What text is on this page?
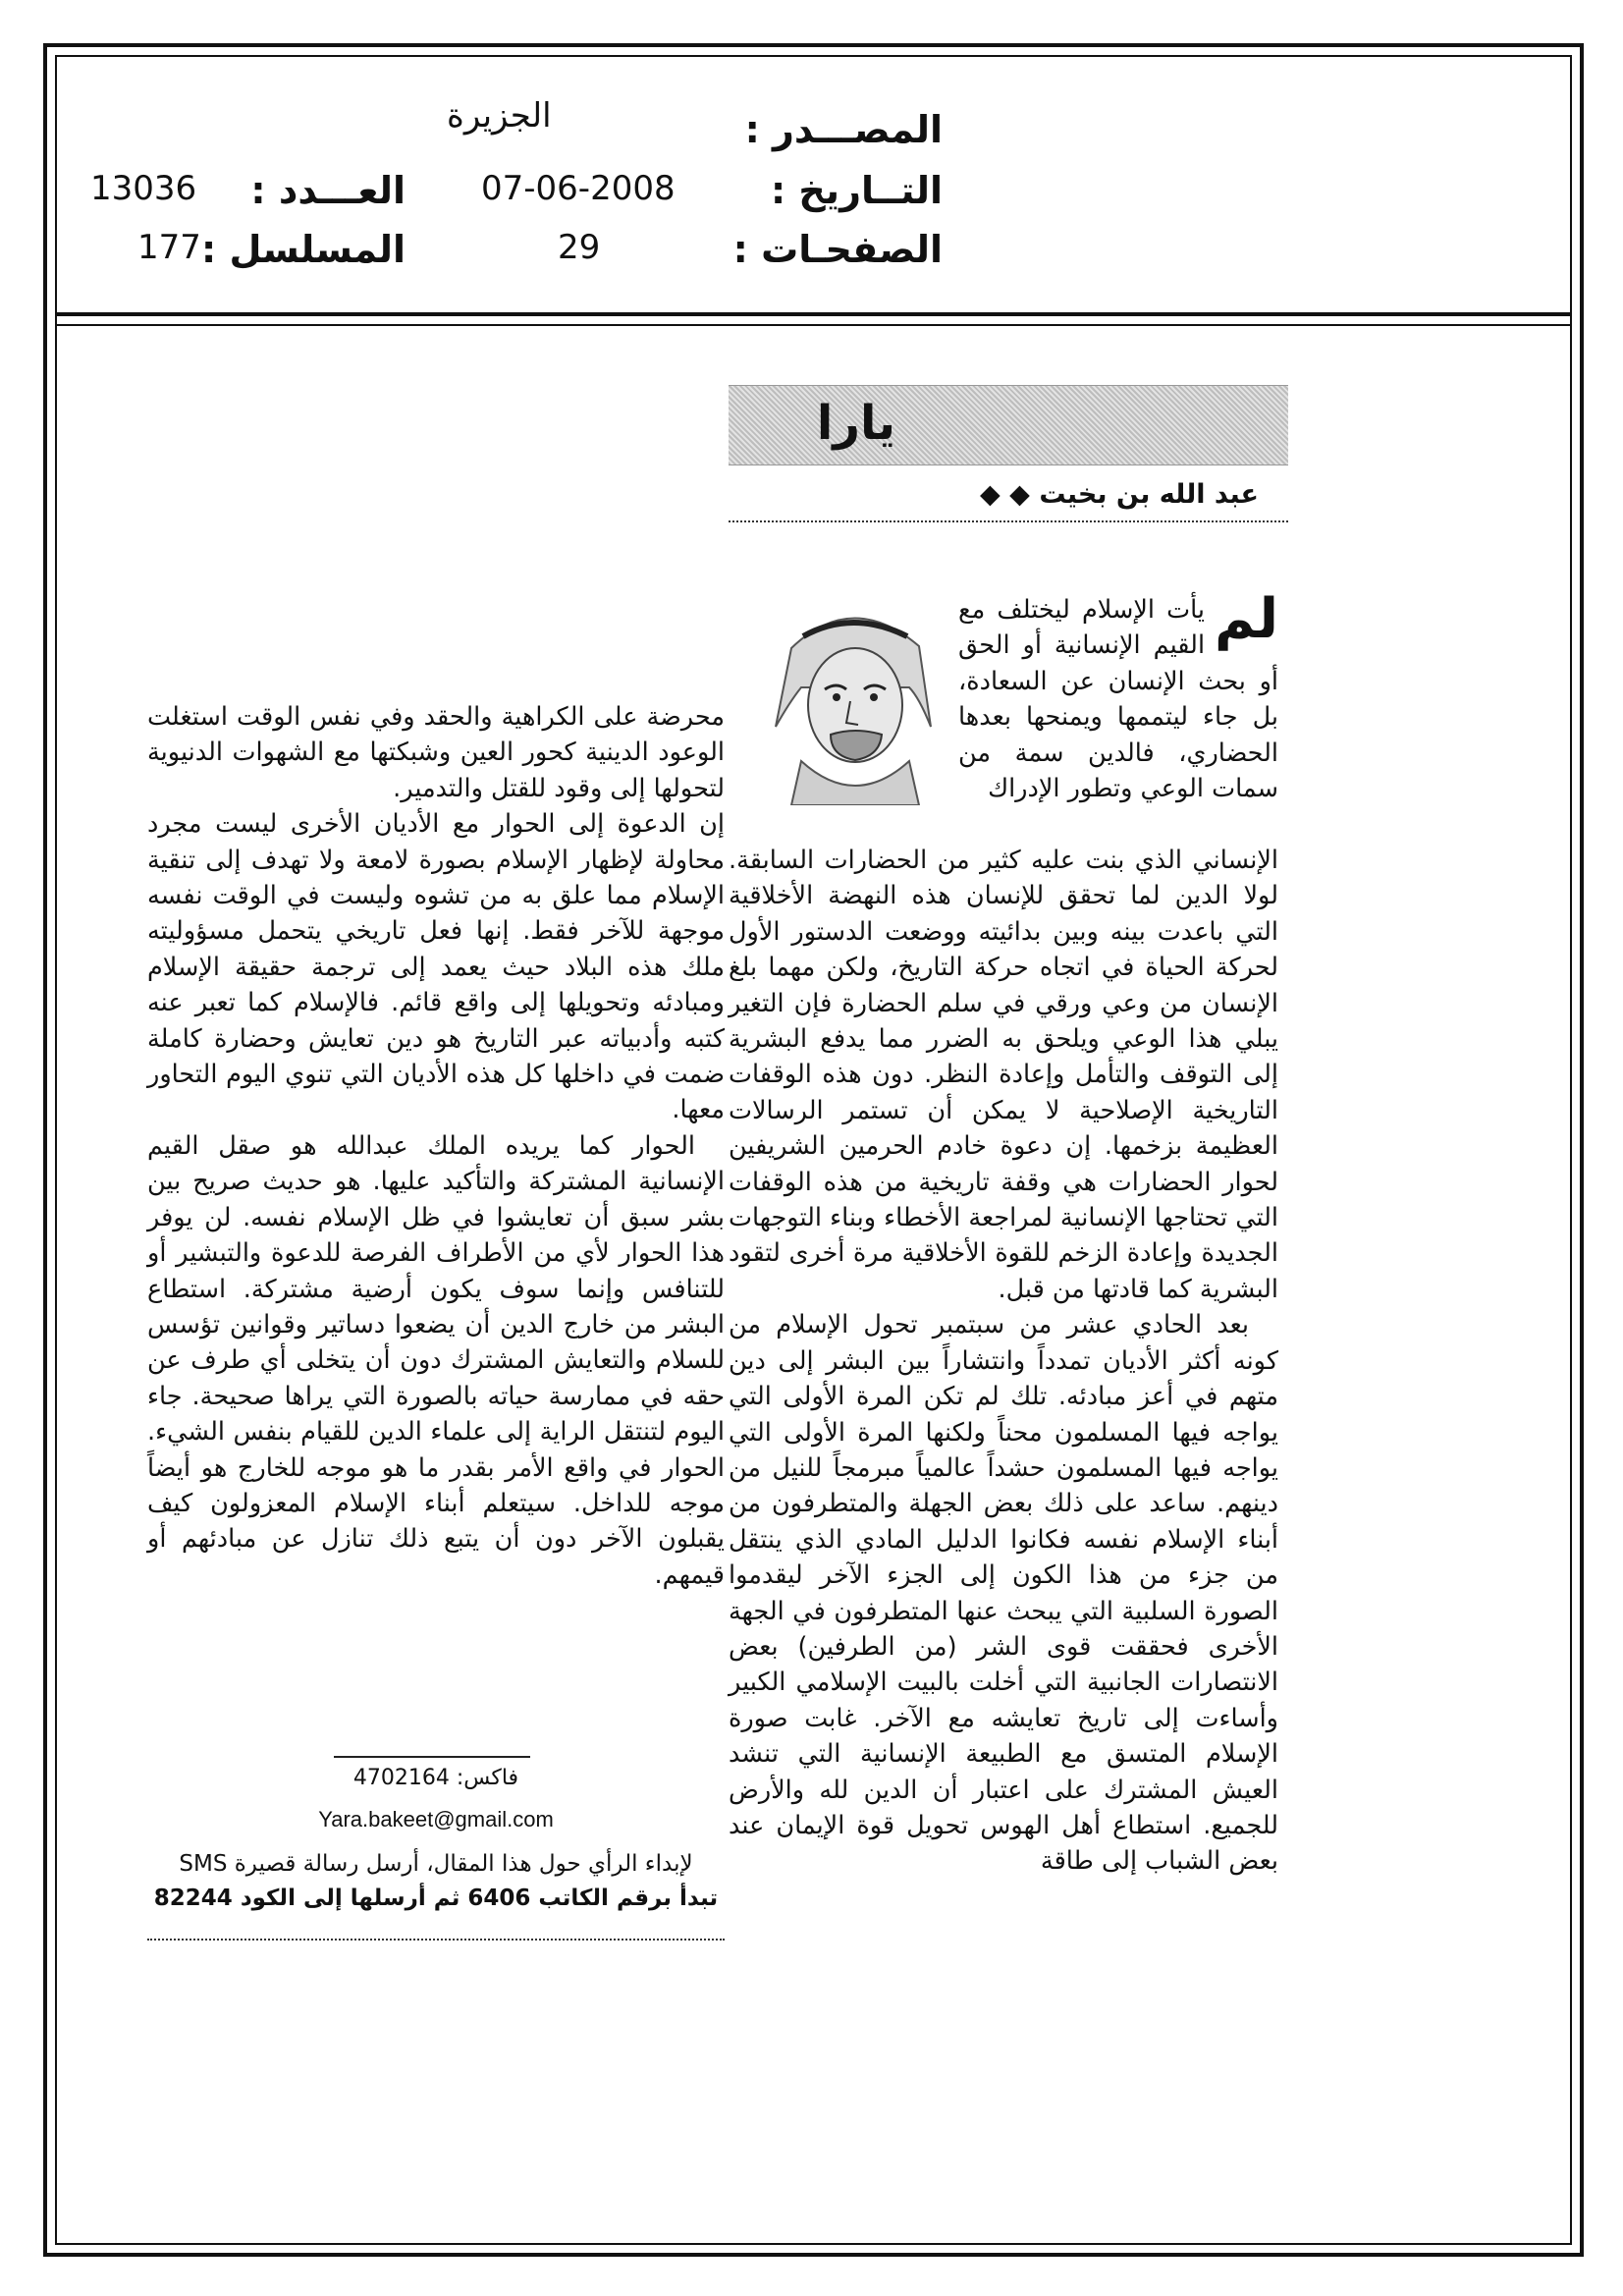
المصـــدر :
الجزيرة
التــاريخ :
07-06-2008
العـــدد :
13036
الصفحـات :
29
المسلسل :
177
يارا
عبد الله بن بخيت ◆ ◆
لم
يأت الإسلام ليختلف مع القيم الإنسانية أو الحق أو بحث الإنسان عن السعادة، بل جاء ليتممها ويمنحها بعدها الحضاري، فالدين سمة من سمات الوعي وتطور الإدراك

الإنساني الذي بنت عليه كثير من الحضارات السابقة. لولا الدين لما تحقق للإنسان هذه النهضة الأخلاقية التي باعدت بينه وبين بدائيته ووضعت الدستور الأول لحركة الحياة في اتجاه حركة التاريخ، ولكن مهما بلغ الإنسان من وعي ورقي في سلم الحضارة فإن التغير يبلي هذا الوعي ويلحق به الضرر مما يدفع البشرية إلى التوقف والتأمل وإعادة النظر. دون هذه الوقفات التاريخية الإصلاحية لا يمكن أن تستمر الرسالات العظيمة بزخمها. إن دعوة خادم الحرمين الشريفين لحوار الحضارات هي وقفة تاريخية من هذه الوقفات التي تحتاجها الإنسانية لمراجعة الأخطاء وبناء التوجهات الجديدة وإعادة الزخم للقوة الأخلاقية مرة أخرى لتقود البشرية كما قادتها من قبل.

بعد الحادي عشر من سبتمبر تحول الإسلام من كونه أكثر الأديان تمدداً وانتشاراً بين البشر إلى دين متهم في أعز مبادئه. تلك لم تكن المرة الأولى التي يواجه فيها المسلمون محناً ولكنها المرة الأولى التي يواجه فيها المسلمون حشداً عالمياً مبرمجاً للنيل من دينهم. ساعد على ذلك بعض الجهلة والمتطرفون من أبناء الإسلام نفسه فكانوا الدليل المادي الذي ينتقل من جزء من هذا الكون إلى الجزء الآخر ليقدموا الصورة السلبية التي يبحث عنها المتطرفون في الجهة الأخرى فحققت قوى الشر (من الطرفين) بعض الانتصارات الجانبية التي أخلت بالبيت الإسلامي الكبير وأساءت إلى تاريخ تعايشه مع الآخر. غابت صورة الإسلام المتسق مع الطبيعة الإنسانية التي تنشد العيش المشترك على اعتبار أن الدين لله والأرض للجميع. استطاع أهل الهوس تحويل قوة الإيمان عند بعض الشباب إلى طاقة

محرضة على الكراهية والحقد وفي نفس الوقت استغلت الوعود الدينية كحور العين وشبكتها مع الشهوات الدنيوية لتحولها إلى وقود للقتل والتدمير.

إن الدعوة إلى الحوار مع الأديان الأخرى ليست مجرد محاولة لإظهار الإسلام بصورة لامعة ولا تهدف إلى تنقية الإسلام مما علق به من تشوه وليست في الوقت نفسه موجهة للآخر فقط. إنها فعل تاريخي يتحمل مسؤوليته ملك هذه البلاد حيث يعمد إلى ترجمة حقيقة الإسلام ومبادئه وتحويلها إلى واقع قائم. فالإسلام كما تعبر عنه كتبه وأدبياته عبر التاريخ هو دين تعايش وحضارة كاملة ضمت في داخلها كل هذه الأديان التي تنوي اليوم التحاور معها.

الحوار كما يريده الملك عبدالله هو صقل القيم الإنسانية المشتركة والتأكيد عليها. هو حديث صريح بين بشر سبق أن تعايشوا في ظل الإسلام نفسه. لن يوفر هذا الحوار لأي من الأطراف الفرصة للدعوة والتبشير أو للتنافس وإنما سوف يكون أرضية مشتركة. استطاع البشر من خارج الدين أن يضعوا دساتير وقوانين تؤسس للسلام والتعايش المشترك دون أن يتخلى أي طرف عن حقه في ممارسة حياته بالصورة التي يراها صحيحة. جاء اليوم لتنتقل الراية إلى علماء الدين للقيام بنفس الشيء. الحوار في واقع الأمر بقدر ما هو موجه للخارج هو أيضاً موجه للداخل. سيتعلم أبناء الإسلام المعزولون كيف يقبلون الآخر دون أن يتبع ذلك تنازل عن مبادئهم أو قيمهم.

فاكس: 4702164
Yara.bakeet@gmail.com
لإبداء الرأي حول هذا المقال، أرسل رسالة قصيرة SMS
تبدأ برقم الكاتب 6406 ثم أرسلها إلى الكود 82244
